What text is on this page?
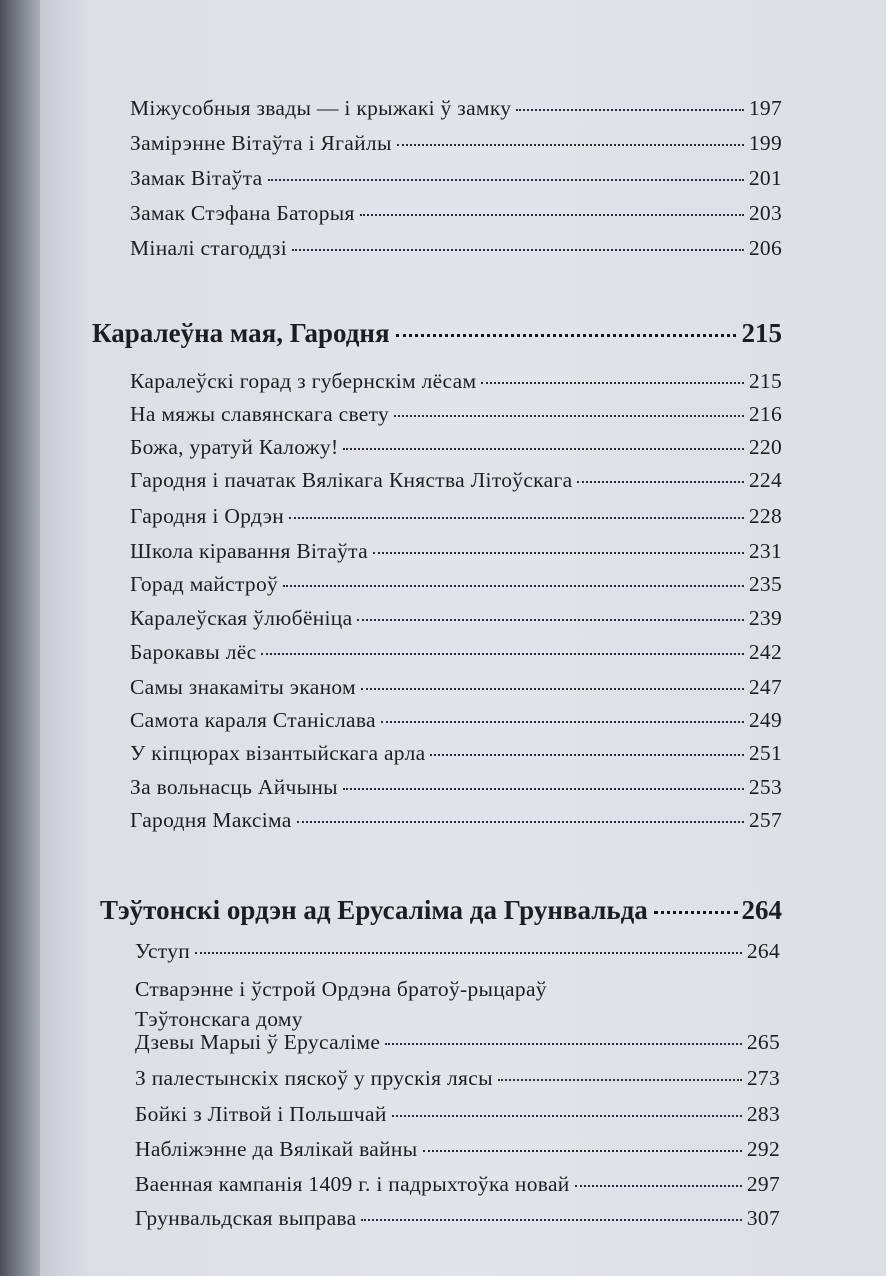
Міжусобныя звады — і крыжакі ў замку	197
Замірэнне Вітаўта і Ягайлы	199
Замак Вітаўта	201
Замак Стэфана Баторыя	203
Міналі стагоддзі	206
Каралеўна мая, Гародня	215
Каралеўскі горад з губернскім лёсам	215
На мяжы славянскага свету	216
Божа, уратуй Каложу!	220
Гародня і пачатак Вялікага Княства Літоўскага	224
Гародня і Ордэн	228
Школа кіравання Вітаўта	231
Горад майстроў	235
Каралеўская ўлюбёніца	239
Барокавы лёс	242
Самы знакаміты эканом	247
Самота караля Станіслава	249
У кіпцюрах візантыйскага арла	251
За вольнасць Айчыны	253
Гародня Максіма	257
Тэўтонскі ордэн ад Ерусаліма да Грунвальда	264
Уступ	264
Стварэнне і ўстрой Ордэна братоў-рыцараў
Тэўтонскага дому
Дзевы Марыі ў Ерусаліме	265
З палестынскіх пяскоў у прускія лясы	273
Бойкі з Літвой і Польшчай	283
Набліжэнне да Вялікай вайны	292
Ваенная кампанія 1409 г. і падрыхтоўка новай	297
Грунвальдская выправа	307
